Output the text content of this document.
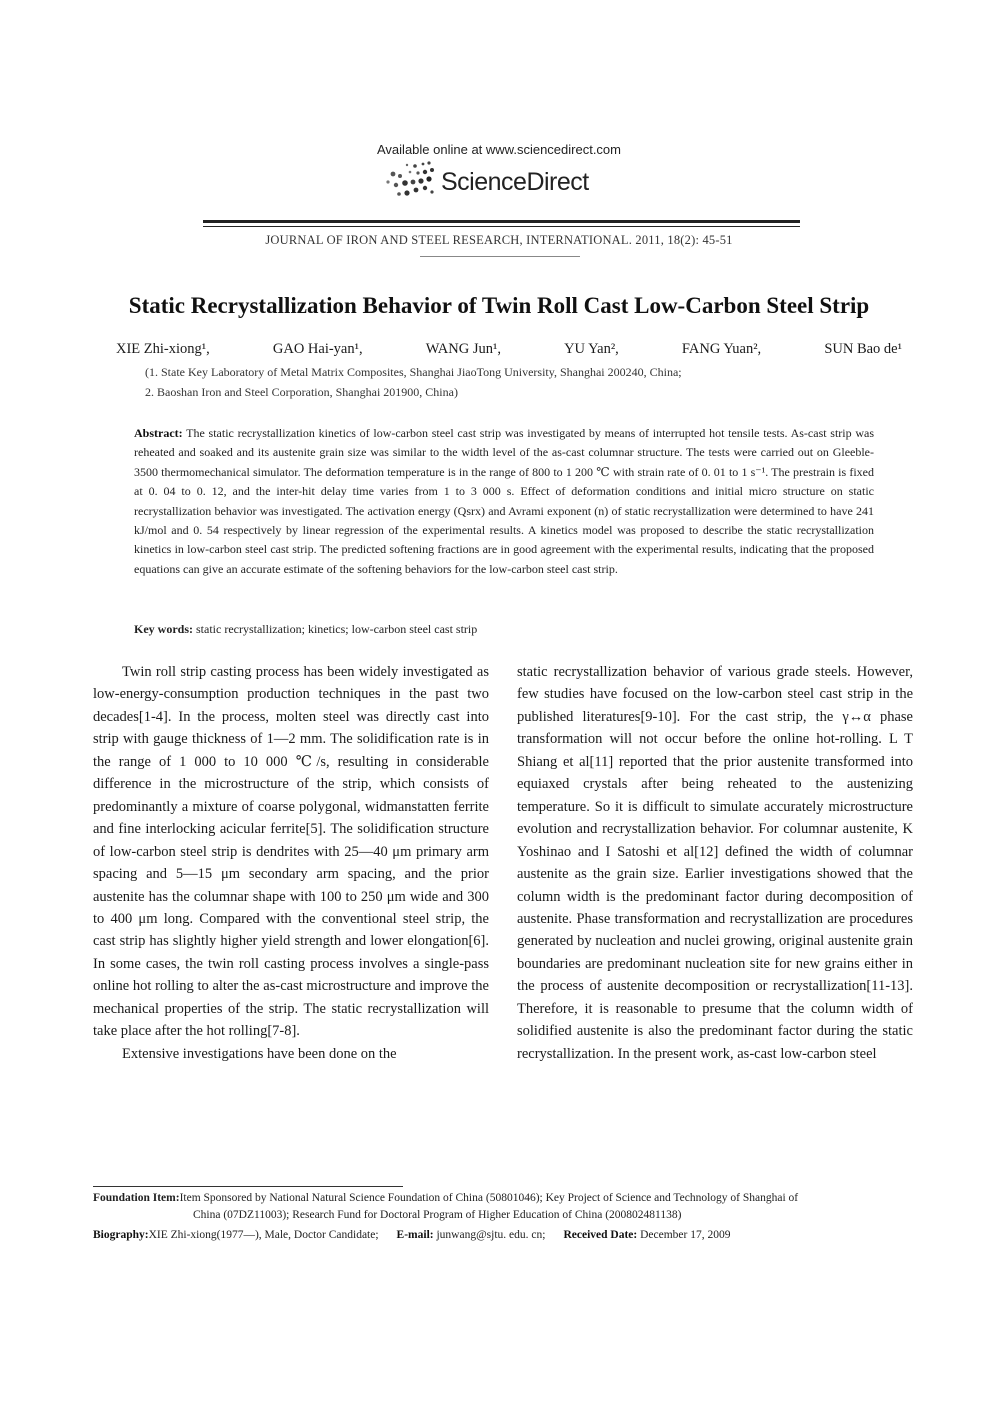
Available online at www.sciencedirect.com
ScienceDirect
JOURNAL OF IRON AND STEEL RESEARCH, INTERNATIONAL. 2011, 18(2): 45-51
Static Recrystallization Behavior of Twin Roll Cast Low-Carbon Steel Strip
XIE Zhi-xiong¹,	GAO Hai-yan¹,	WANG Jun¹,	YU Yan²,	FANG Yuan²,	SUN Bao de¹
(1. State Key Laboratory of Metal Matrix Composites, Shanghai JiaoTong University, Shanghai 200240, China;
2. Baoshan Iron and Steel Corporation, Shanghai 201900, China)
Abstract: The static recrystallization kinetics of low-carbon steel cast strip was investigated by means of interrupted hot tensile tests. As-cast strip was reheated and soaked and its austenite grain size was similar to the width level of the as-cast columnar structure. The tests were carried out on Gleeble-3500 thermomechanical simulator. The deformation temperature is in the range of 800 to 1 200 ℃ with strain rate of 0. 01 to 1 s⁻¹. The prestrain is fixed at 0. 04 to 0. 12, and the inter-hit delay time varies from 1 to 3 000 s. Effect of deformation conditions and initial micro structure on static recrystallization behavior was investigated. The activation energy (Qsrx) and Avrami exponent (n) of static recrystallization were determined to have 241 kJ/mol and 0. 54 respectively by linear regression of the experimental results. A kinetics model was proposed to describe the static recrystallization kinetics in low-carbon steel cast strip. The predicted softening fractions are in good agreement with the experimental results, indicating that the proposed equations can give an accurate estimate of the softening behaviors for the low-carbon steel cast strip.
Key words: static recrystallization; kinetics; low-carbon steel cast strip

Twin roll strip casting process has been widely investigated as low-energy-consumption production techniques in the past two decades[1-4]. In the process, molten steel was directly cast into strip with gauge thickness of 1—2 mm. The solidification rate is in the range of 1 000 to 10 000 ℃/s, resulting in considerable difference in the microstructure of the strip, which consists of predominantly a mixture of coarse polygonal, widmanstatten ferrite and fine interlocking acicular ferrite[5]. The solidification structure of low-carbon steel strip is dendrites with 25—40 μm primary arm spacing and 5—15 μm secondary arm spacing, and the prior austenite has the columnar shape with 100 to 250 μm wide and 300 to 400 μm long. Compared with the conventional steel strip, the cast strip has slightly higher yield strength and lower elongation[6]. In some cases, the twin roll casting process involves a single-pass online hot rolling to alter the as-cast microstructure and improve the mechanical properties of the strip. The static recrystallization will take place after the hot rolling[7-8].

Extensive investigations have been done on the

static recrystallization behavior of various grade steels. However, few studies have focused on the low-carbon steel cast strip in the published literatures[9-10]. For the cast strip, the γ↔α phase transformation will not occur before the online hot-rolling. L T Shiang et al[11] reported that the prior austenite transformed into equiaxed crystals after being reheated to the austenizing temperature. So it is difficult to simulate accurately microstructure evolution and recrystallization behavior. For columnar austenite, K Yoshinao and I Satoshi et al[12] defined the width of columnar austenite as the grain size. Earlier investigations showed that the column width is the predominant factor during decomposition of austenite. Phase transformation and recrystallization are procedures generated by nucleation and nuclei growing, original austenite grain boundaries are predominant nucleation site for new grains either in the process of austenite decomposition or recrystallization[11-13]. Therefore, it is reasonable to presume that the column width of solidified austenite is also the predominant factor during the static recrystallization. In the present work, as-cast low-carbon steel

Foundation Item:Item Sponsored by National Natural Science Foundation of China (50801046); Key Project of Science and Technology of Shanghai of
China (07DZ11003); Research Fund for Doctoral Program of Higher Education of China (200802481138)
Biography:XIE Zhi-xiong(1977—), Male, Doctor Candidate; E-mail: junwang@sjtu. edu. cn; Received Date: December 17, 2009
